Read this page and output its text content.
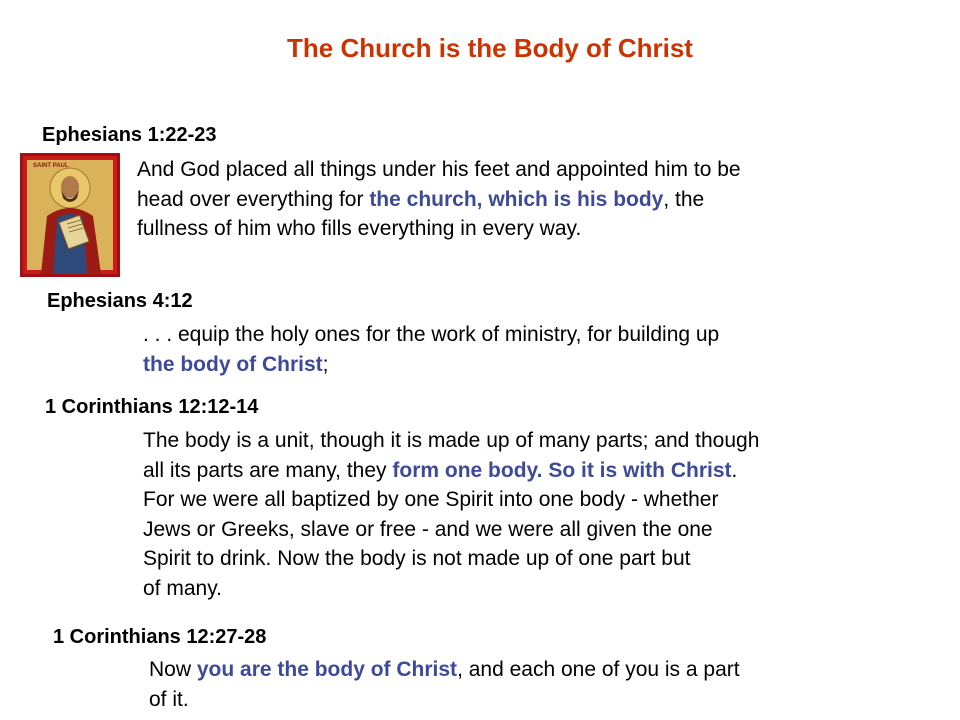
The Church is the Body of Christ
SAINT PAUL
Ephesians 1:22-23
And God placed all things under his feet and appointed him to be
head over everything for the church, which is his body, the
fullness of him who fills everything in every way.
Ephesians 4:12
. . . equip the holy ones for the work of ministry, for building up
the body of Christ;
1 Corinthians 12:12-14
The body is a unit, though it is made up of many parts; and though
all its parts are many, they form one body. So it is with Christ.
For we were all baptized by one Spirit into one body - whether
Jews or Greeks, slave or free - and we were all given the one
Spirit to drink. Now the body is not made up of one part but
of many.
1 Corinthians 12:27-28
Now you are the body of Christ, and each one of you is a part
of it.
